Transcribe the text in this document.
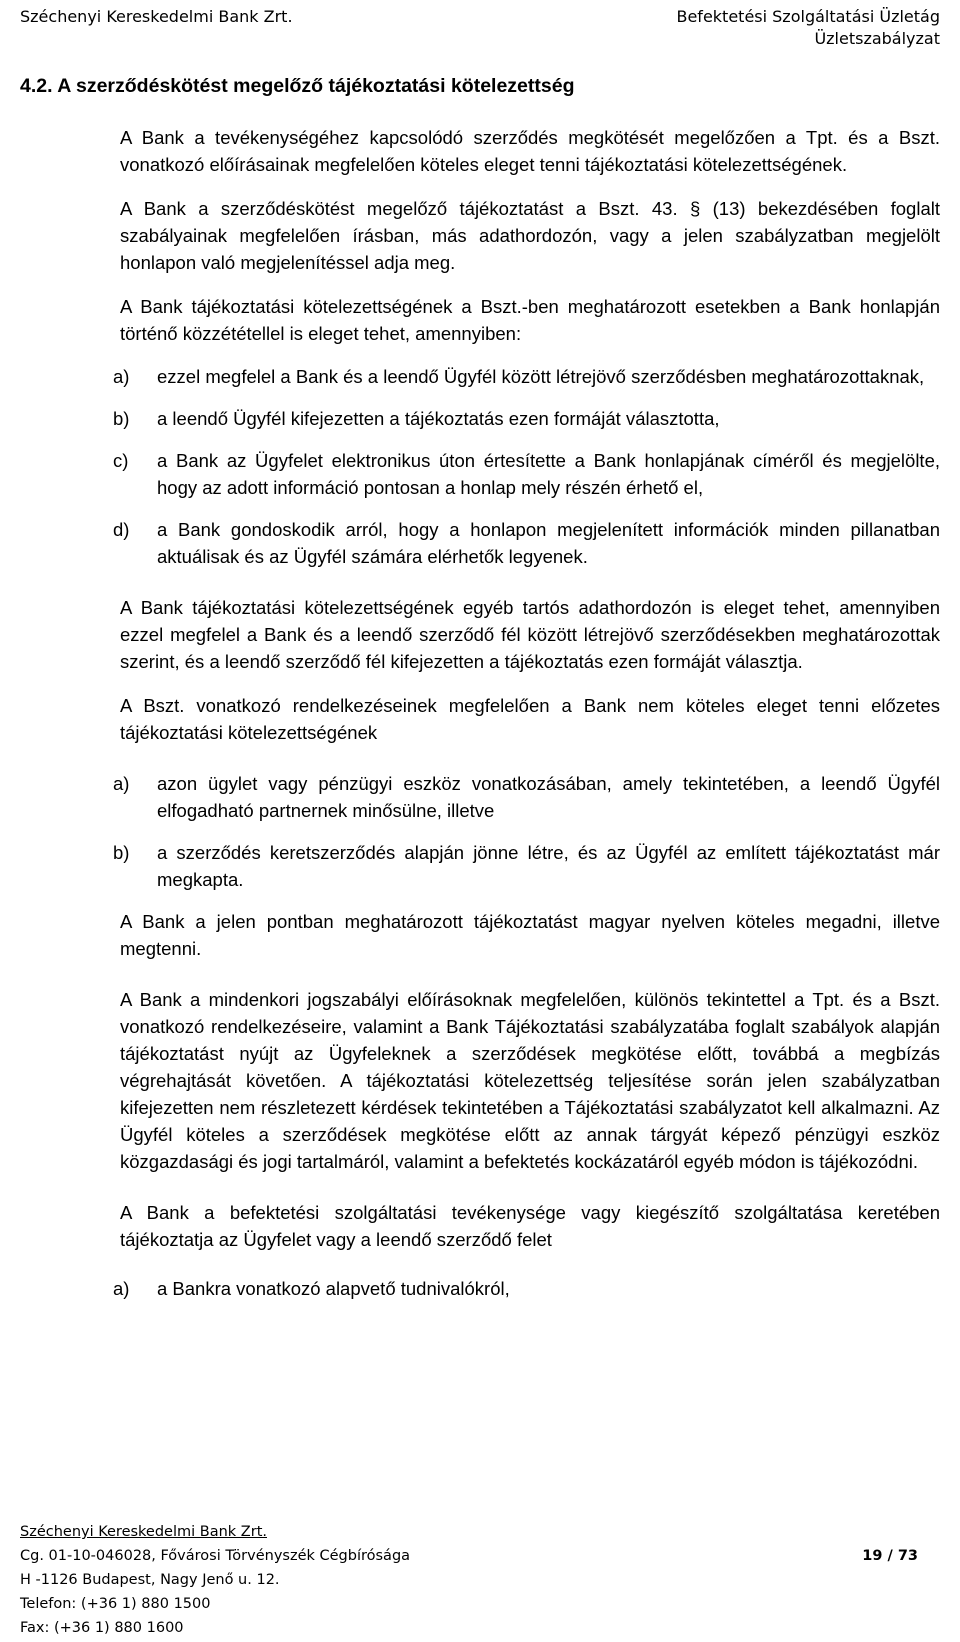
Széchenyi Kereskedelmi Bank Zrt.	Befektetési Szolgáltatási Üzletág
Üzletszabályzat
4.2. A szerződéskötést megelőző tájékoztatási kötelezettség

A Bank a tevékenységéhez kapcsolódó szerződés megkötését megelőzően a Tpt. és a Bszt. vonatkozó előírásainak megfelelően köteles eleget tenni tájékoztatási kötelezettségének.

A Bank a szerződéskötést megelőző tájékoztatást a Bszt. 43. § (13) bekezdésében foglalt szabályainak megfelelően írásban, más adathordozón, vagy a jelen szabályzatban megjelölt honlapon való megjelenítéssel adja meg.

A Bank tájékoztatási kötelezettségének a Bszt.-ben meghatározott esetekben a Bank honlapján történő közzététellel is eleget tehet, amennyiben:

a) ezzel megfelel a Bank és a leendő Ügyfél között létrejövő szerződésben meghatározottaknak,
b) a leendő Ügyfél kifejezetten a tájékoztatás ezen formáját választotta,
c) a Bank az Ügyfelet elektronikus úton értesítette a Bank honlapjának címéről és megjelölte, hogy az adott információ pontosan a honlap mely részén érhető el,
d) a Bank gondoskodik arról, hogy a honlapon megjelenített információk minden pillanatban aktuálisak és az Ügyfél számára elérhetők legyenek.

A Bank tájékoztatási kötelezettségének egyéb tartós adathordozón is eleget tehet, amennyiben ezzel megfelel a Bank és a leendő szerződő fél között létrejövő szerződésekben meghatározottak szerint, és a leendő szerződő fél kifejezetten a tájékoztatás ezen formáját választja.

A Bszt. vonatkozó rendelkezéseinek megfelelően a Bank nem köteles eleget tenni előzetes tájékoztatási kötelezettségének

a) azon ügylet vagy pénzügyi eszköz vonatkozásában, amely tekintetében, a leendő Ügyfél elfogadható partnernek minősülne, illetve
b) a szerződés keretszerződés alapján jönne létre, és az Ügyfél az említett tájékoztatást már megkapta.

A Bank a jelen pontban meghatározott tájékoztatást magyar nyelven köteles megadni, illetve megtenni.

A Bank a mindenkori jogszabályi előírásoknak megfelelően, különös tekintettel a Tpt. és a Bszt. vonatkozó rendelkezéseire, valamint a Bank Tájékoztatási szabályzatába foglalt szabályok alapján tájékoztatást nyújt az Ügyfeleknek a szerződések megkötése előtt, továbbá a megbízás végrehajtását követően. A tájékoztatási kötelezettség teljesítése során jelen szabályzatban kifejezetten nem részletezett kérdések tekintetében a Tájékoztatási szabályzatot kell alkalmazni. Az Ügyfél köteles a szerződések megkötése előtt az annak tárgyát képező pénzügyi eszköz közgazdasági és jogi tartalmáról, valamint a befektetés kockázatáról egyéb módon is tájékozódni.

A Bank a befektetési szolgáltatási tevékenysége vagy kiegészítő szolgáltatása keretében tájékoztatja az Ügyfelet vagy a leendő szerződő felet

a) a Bankra vonatkozó alapvető tudnivalókról,
Széchenyi Kereskedelmi Bank Zrt.
Cg. 01-10-046028, Fővárosi Törvényszék Cégbírósága
H -1126 Budapest, Nagy Jenő u. 12.
Telefon: (+36 1) 880 1500
Fax: (+36 1) 880 1600
19 / 73
